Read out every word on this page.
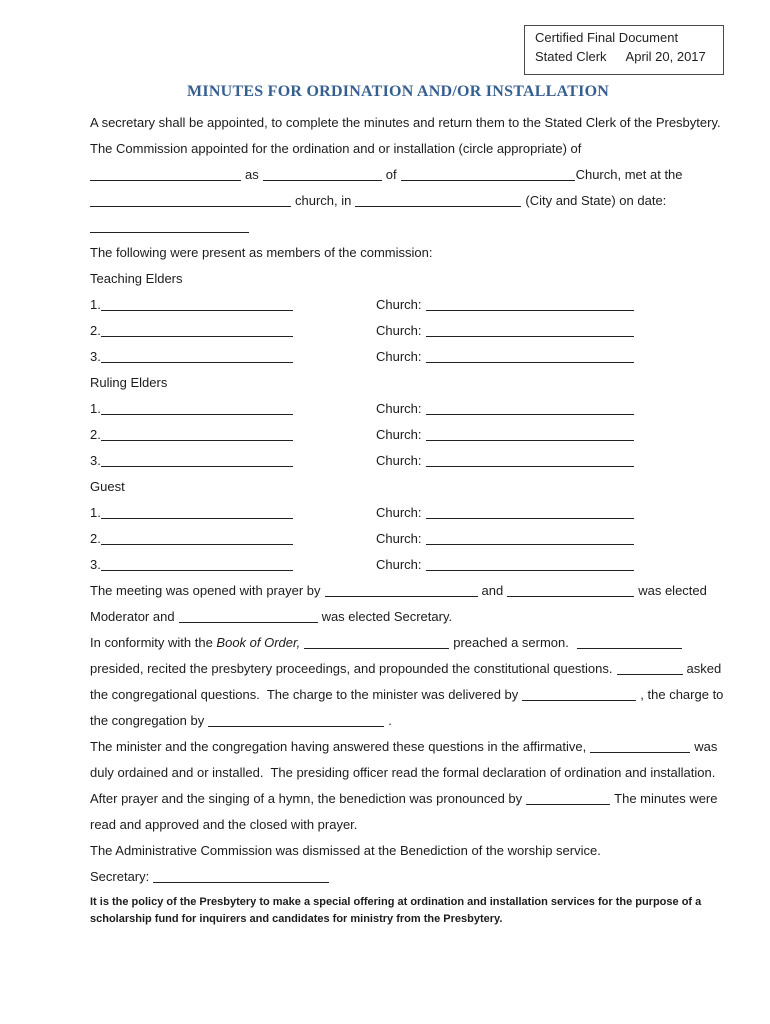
Certified Final Document
Stated Clerk April 20, 2017
MINUTES FOR ORDINATION AND/OR INSTALLATION
A secretary shall be appointed, to complete the minutes and return them to the Stated Clerk of the Presbytery.
The Commission appointed for the ordination and or installation (circle appropriate) of
as	of	Church, met at the
church, in	(City and State) on date:
The following were present as members of the commission:
Teaching Elders
1.	Church:
2.	Church:
3.	Church:
Ruling Elders
1.	Church:
2.	Church:
3.	Church:
Guest
1.	Church:
2.	Church:
3.	Church:
The meeting was opened with prayer by	and	was elected
Moderator and	was elected Secretary.
In conformity with the Book of Order,	preached a sermon.
presided, recited the presbytery proceedings, and propounded the constitutional questions.	asked
the congregational questions.  The charge to the minister was delivered by	, the charge to
the congregation by	.
The minister and the congregation having answered these questions in the affirmative,	was
duly ordained and or installed.  The presiding officer read the formal declaration of ordination and installation.
After prayer and the singing of a hymn, the benediction was pronounced by	The minutes were
read and approved and the closed with prayer.
The Administrative Commission was dismissed at the Benediction of the worship service.
Secretary:
It is the policy of the Presbytery to make a special offering at ordination and installation services for the purpose of a
scholarship fund for inquirers and candidates for ministry from the Presbytery.
